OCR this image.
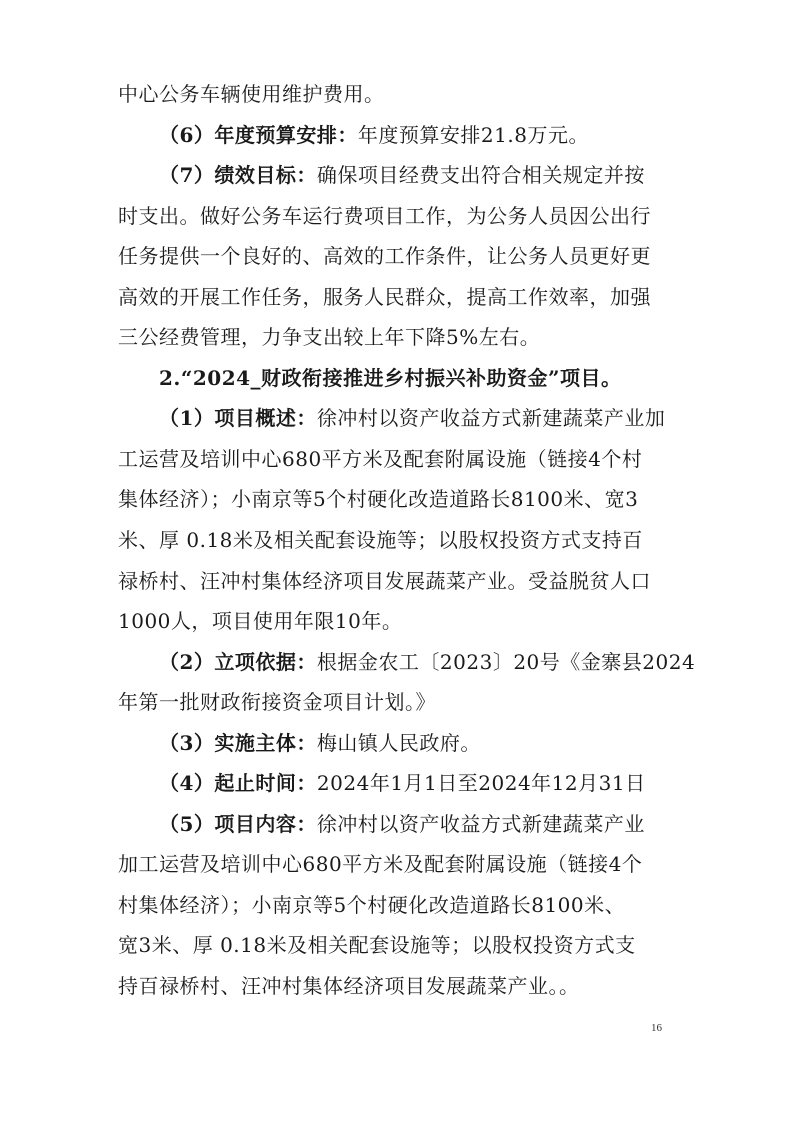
中心公务车辆使用维护费用。
（6）年度预算安排：年度预算安排21.8万元。
（7）绩效目标：确保项目经费支出符合相关规定并按
时支出。做好公务车运行费项目工作，为公务人员因公出行
任务提供一个良好的、高效的工作条件，让公务人员更好更
高效的开展工作任务，服务人民群众，提高工作效率，加强
三公经费管理，力争支出较上年下降5%左右。
2.“2024_财政衔接推进乡村振兴补助资金”项目。
（1）项目概述：徐冲村以资产收益方式新建蔬菜产业加
工运营及培训中心680平方米及配套附属设施（链接4个村
集体经济）；小南京等5个村硬化改造道路长8100米、宽3
米、厚 0.18米及相关配套设施等；以股权投资方式支持百
禄桥村、汪冲村集体经济项目发展蔬菜产业。受益脱贫人口
1000人，项目使用年限10年。
（2）立项依据：根据金农工〔2023〕20号《金寨县2024
年第一批财政衔接资金项目计划。》
（3）实施主体：梅山镇人民政府。
（4）起止时间：2024年1月1日至2024年12月31日
（5）项目内容：徐冲村以资产收益方式新建蔬菜产业
加工运营及培训中心680平方米及配套附属设施（链接4个
村集体经济）；小南京等5个村硬化改造道路长8100米、
宽3米、厚 0.18米及相关配套设施等；以股权投资方式支
持百禄桥村、汪冲村集体经济项目发展蔬菜产业。。
16
